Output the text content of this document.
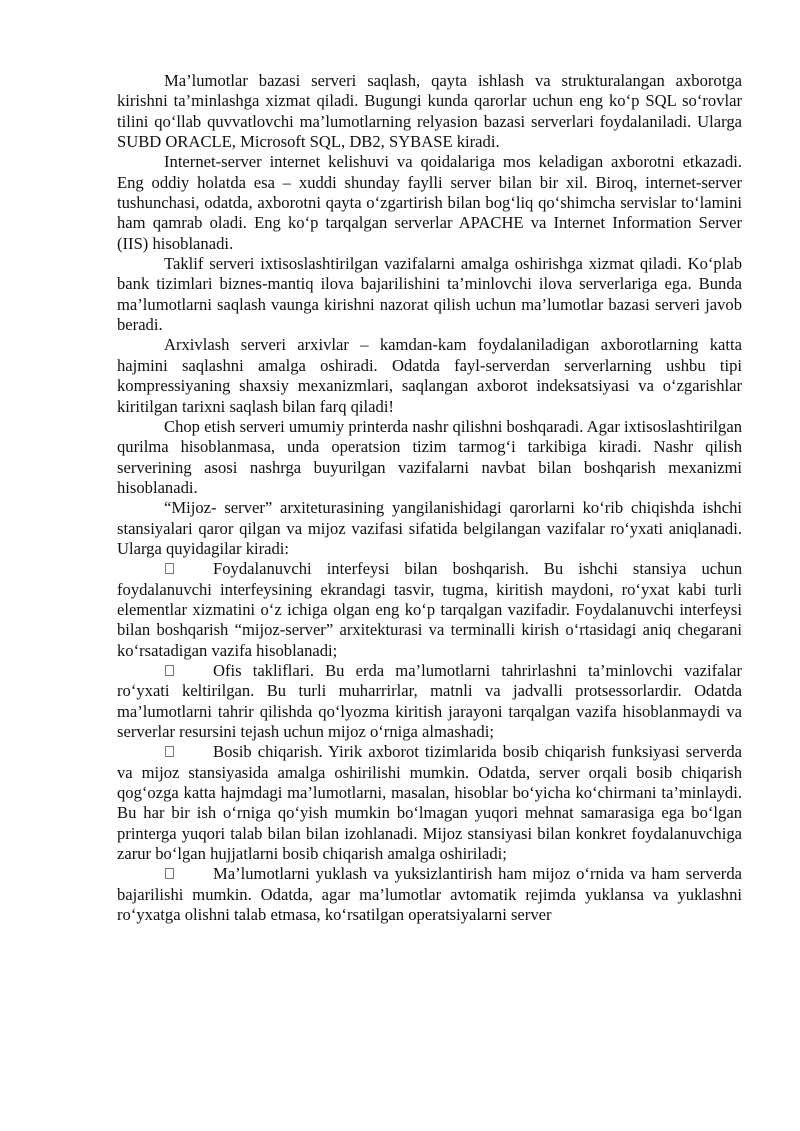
Ma’lumotlar bazasi serveri saqlash, qayta ishlash va strukturalangan axborotga kirishni ta’minlashga xizmat qiladi. Bugungi kunda qarorlar uchun eng ko‘p SQL so‘rovlar tilini qo‘llab quvvatlovchi ma’lumotlarning relyasion bazasi serverlari foydalaniladi. Ularga SUBD ORACLE, Microsoft SQL, DB2, SYBASE kiradi.

Internet-server internet kelishuvi va qoidalariga mos keladigan axborotni etkazadi. Eng oddiy holatda esa – xuddi shunday faylli server bilan bir xil. Biroq, internet-server tushunchasi, odatda, axborotni qayta o‘zgartirish bilan bog‘liq qo‘shimcha servislar to‘lamini ham qamrab oladi. Eng ko‘p tarqalgan serverlar APACHE va Internet Information Server (IIS) hisoblanadi.

Taklif serveri ixtisoslashtirilgan vazifalarni amalga oshirishga xizmat qiladi. Ko‘plab bank tizimlari biznes-mantiq ilova bajarilishini ta’minlovchi ilova serverlariga ega. Bunda ma’lumotlarni saqlash vaunga kirishni nazorat qilish uchun ma’lumotlar bazasi serveri javob beradi.

Arxivlash serveri arxivlar – kamdan-kam foydalaniladigan axborotlarning katta hajmini saqlashni amalga oshiradi. Odatda fayl-serverdan serverlarning ushbu tipi kompressiyaning shaxsiy mexanizmlari, saqlangan axborot indeksatsiyasi va o‘zgarishlar kiritilgan tarixni saqlash bilan farq qiladi!

Chop etish serveri umumiy printerda nashr qilishni boshqaradi. Agar ixtisoslashtirilgan qurilma hisoblanmasa, unda operatsion tizim tarmog‘i tarkibiga kiradi. Nashr qilish serverining asosi nashrga buyurilgan vazifalarni navbat bilan boshqarish mexanizmi hisoblanadi.

“Mijoz- server” arxiteturasining yangilanishidagi qarorlarni ko‘rib chiqishda ishchi stansiyalari qaror qilgan va mijoz vazifasi sifatida belgilangan vazifalar ro‘yxati aniqlanadi. Ularga quyidagilar kiradi:

Foydalanuvchi interfeysi bilan boshqarish. Bu ishchi stansiya uchun foydalanuvchi interfeysining ekrandagi tasvir, tugma, kiritish maydoni, ro‘yxat kabi turli elementlar xizmatini o‘z ichiga olgan eng ko‘p tarqalgan vazifadir. Foydalanuvchi interfeysi bilan boshqarish “mijoz-server” arxitekturasi va terminalli kirish o‘rtasidagi aniq chegarani ko‘rsatadigan vazifa hisoblanadi;

Ofis takliflari. Bu erda ma’lumotlarni tahrirlashni ta’minlovchi vazifalar ro‘yxati keltirilgan. Bu turli muharrirlar, matnli va jadvalli protsessorlardir. Odatda ma’lumotlarni tahrir qilishda qo‘lyozma kiritish jarayoni tarqalgan vazifa hisoblanmaydi va serverlar resursini tejash uchun mijoz o‘rniga almashadi;

Bosib chiqarish. Yirik axborot tizimlarida bosib chiqarish funksiyasi serverda va mijoz stansiyasida amalga oshirilishi mumkin. Odatda, server orqali bosib chiqarish qog‘ozga katta hajmdagi ma’lumotlarni, masalan, hisoblar bo‘yicha ko‘chirmani ta’minlaydi. Bu har bir ish o‘rniga qo‘yish mumkin bo‘lmagan yuqori mehnat samarasiga ega bo‘lgan printerga yuqori talab bilan bilan izohlanadi. Mijoz stansiyasi bilan konkret foydalanuvchiga zarur bo‘lgan hujjatlarni bosib chiqarish amalga oshiriladi;

Ma’lumotlarni yuklash va yuksizlantirish ham mijoz o‘rnida va ham serverda bajarilishi mumkin. Odatda, agar ma’lumotlar avtomatik rejimda yuklansa va yuklashni ro‘yxatga olishni talab etmasa, ko‘rsatilgan operatsiyalarni server
